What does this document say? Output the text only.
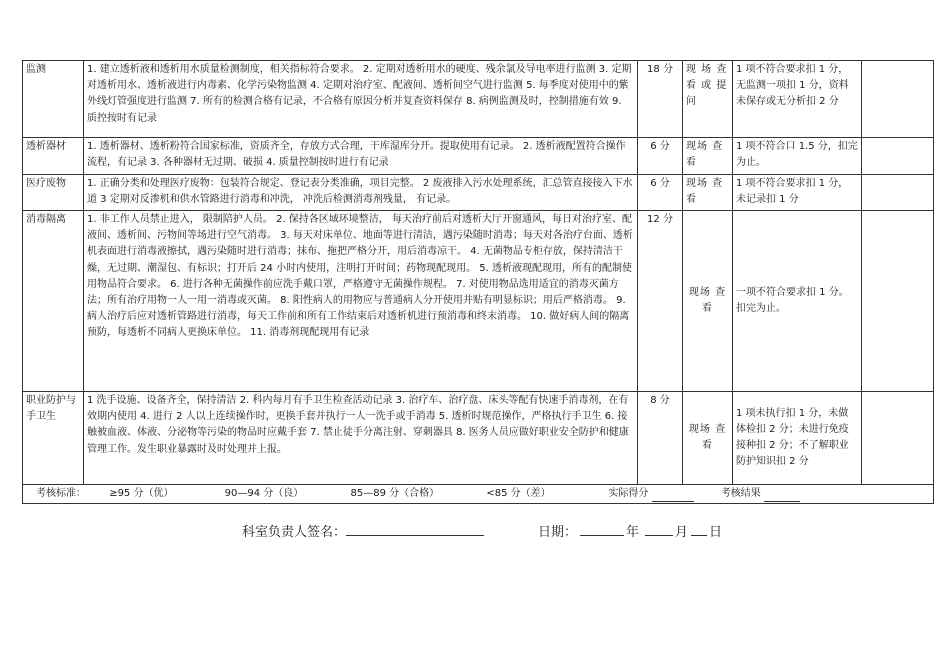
监测	1. 建立透析液和透析用水质量检测制度，相关指标符合要求。 2. 定期对透析用水的硬度、残余氯及导电率进行监测 3. 定期对透析用水、透析液进行内毒素、化学污染物监测 4. 定期对治疗室、配液间、透析间空气进行监测 5. 每季度对使用中的紫外线灯管强度进行监测 7. 所有的检测合格有记录，不合格有原因分析并复查资料保存 8. 病例监测及时，控制措施有效 9. 质控按时有记录	18 分	现 场 查 看 或 提 问	1 项不符合要求扣 1 分，无监测一项扣 1 分，资料未保存或无分析扣 2 分	
透析器材	1. 透析器材、透析粉符合国家标准，资质齐全，存放方式合理，干库湿库分开。提取使用有记录。 2. 透析液配置符合操作流程，有记录 3. 各种器材无过期、破损 4. 质量控制按时进行有记录	6 分	现场 查看	1 项不符合口 1.5 分，扣完为止。	
医疗废物	1. 正确分类和处理医疗废物：包装符合规定、登记表分类准确，项目完整。 2 废液排入污水处理系统，汇总管直接接入下水道 3 定期对反渗机和供水管路进行消毒和冲洗， 冲洗后检测消毒剂残量， 有记录。	6 分	现场 查看	1 项不符合要求扣 1 分，未记录扣 1 分	
消毒隔离	1. 非工作人员禁止进入， 限制陪护人员。 2. 保持各区域环境整洁， 每天治疗前后对透析大厅开窗通风，每日对治疗室、配液间、透析间、污物间等场进行空气消毒。 3. 每天对床单位、地面等进行清洁，遇污染随时消毒；每天对各治疗台面、透析机表面进行消毒液擦拭，遇污染随时进行消毒；抹布、拖把严格分开，用后消毒凉干。 4. 无菌物品专柜存放，保持清洁干燥，无过期、潮湿包、有标识；打开后 24 小时内使用，注明打开时间；药物现配现用。 5. 透析液现配现用，所有的配制使用物品符合要求。 6. 进行各种无菌操作前应洗手戴口罩，严格遵守无菌操作规程。 7. 对使用物品选用适宜的消毒灭菌方法；所有治疗用物一人一用一消毒或灭菌。 8. 阳性病人的用物应与普通病人分开使用并贴有明显标识；用后严格消毒。 9. 病人治疗后应对透析管路进行消毒，每天工作前和所有工作结束后对透析机进行预消毒和终末消毒。 10. 做好病人间的隔离预防，每透析不同病人更换床单位。 11. 消毒剂现配现用有记录	12 分	现场 查看	一项不符合要求扣 1 分。扣完为止。	
职业防护与手卫生	1 洗手设施、设备齐全，保持清洁 2. 科内每月有手卫生检查活动记录 3. 治疗车、治疗盘、床头等配有快速手消毒剂，在有效期内使用 4. 进行 2 人以上连续操作时，更换手套并执行一人一洗手或手消毒 5. 透析时规范操作，严格执行手卫生 6. 接触被血液、体液、分泌物等污染的物品时应戴手套 7. 禁止徒手分离注射、穿刺器具 8. 医务人员应做好职业安全防护和健康管理工作。发生职业暴露时及时处理并上报。	8 分	现场 查看	1 项未执行扣 1 分，未做体检扣 2 分；未进行免疫接种扣 2 分；不了解职业防护知识扣 2 分	

考核标准： ≥95 分（优） 90—94 分（良） 85—89 分（合格） <85 分（差） 实际得分 考核结果					
科室负责人签名：	日期：	年	月 日
